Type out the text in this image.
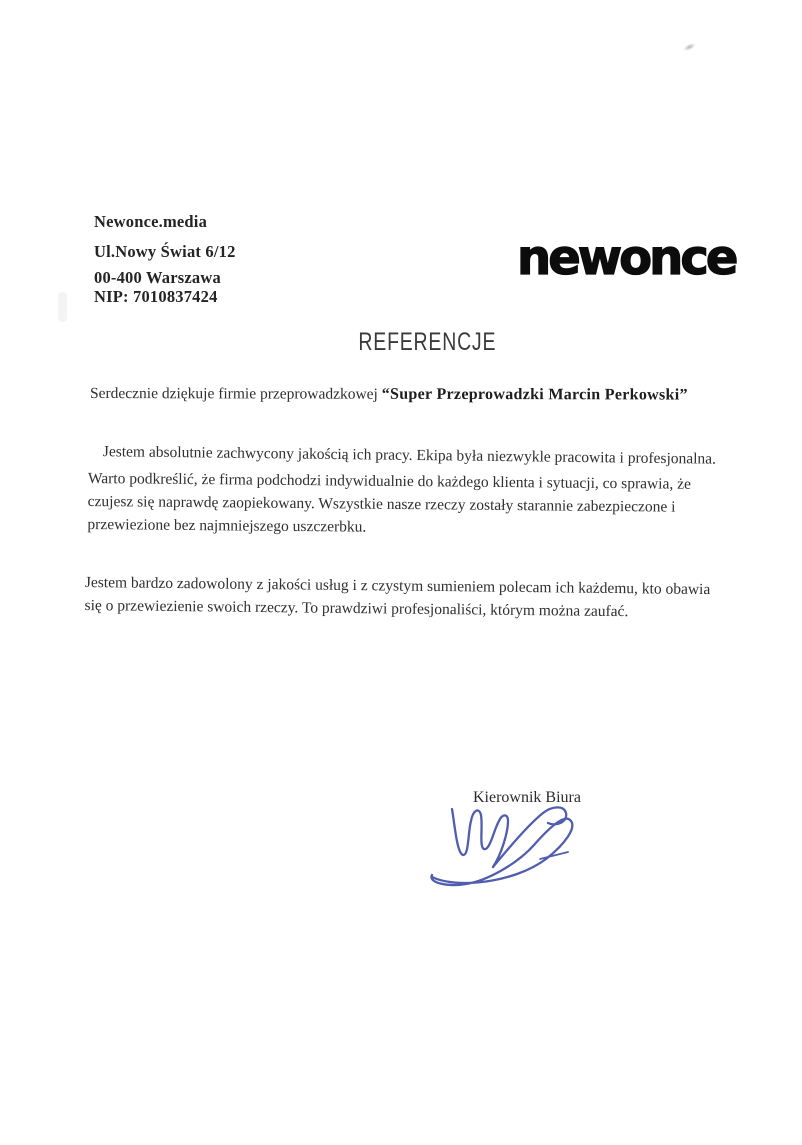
Newonce.media
Ul.Nowy Świat 6/12
00-400 Warszawa
NIP: 7010837424
newonce
REFERENCJE

Serdecznie dziękuje firmie przeprowadzkowej “Super Przeprowadzki Marcin Perkowski”

Jestem absolutnie zachwycony jakością ich pracy. Ekipa była niezwykle pracowita i profesjonalna.

Warto podkreślić, że firma podchodzi indywidualnie do każdego klienta i sytuacji, co sprawia, że czujesz się naprawdę zaopiekowany. Wszystkie nasze rzeczy zostały starannie zabezpieczone i przewiezione bez najmniejszego uszczerbku.

Jestem bardzo zadowolony z jakości usług i z czystym sumieniem polecam ich każdemu, kto obawia się o przewiezienie swoich rzeczy. To prawdziwi profesjonaliści, którym można zaufać.

Kierownik Biura
